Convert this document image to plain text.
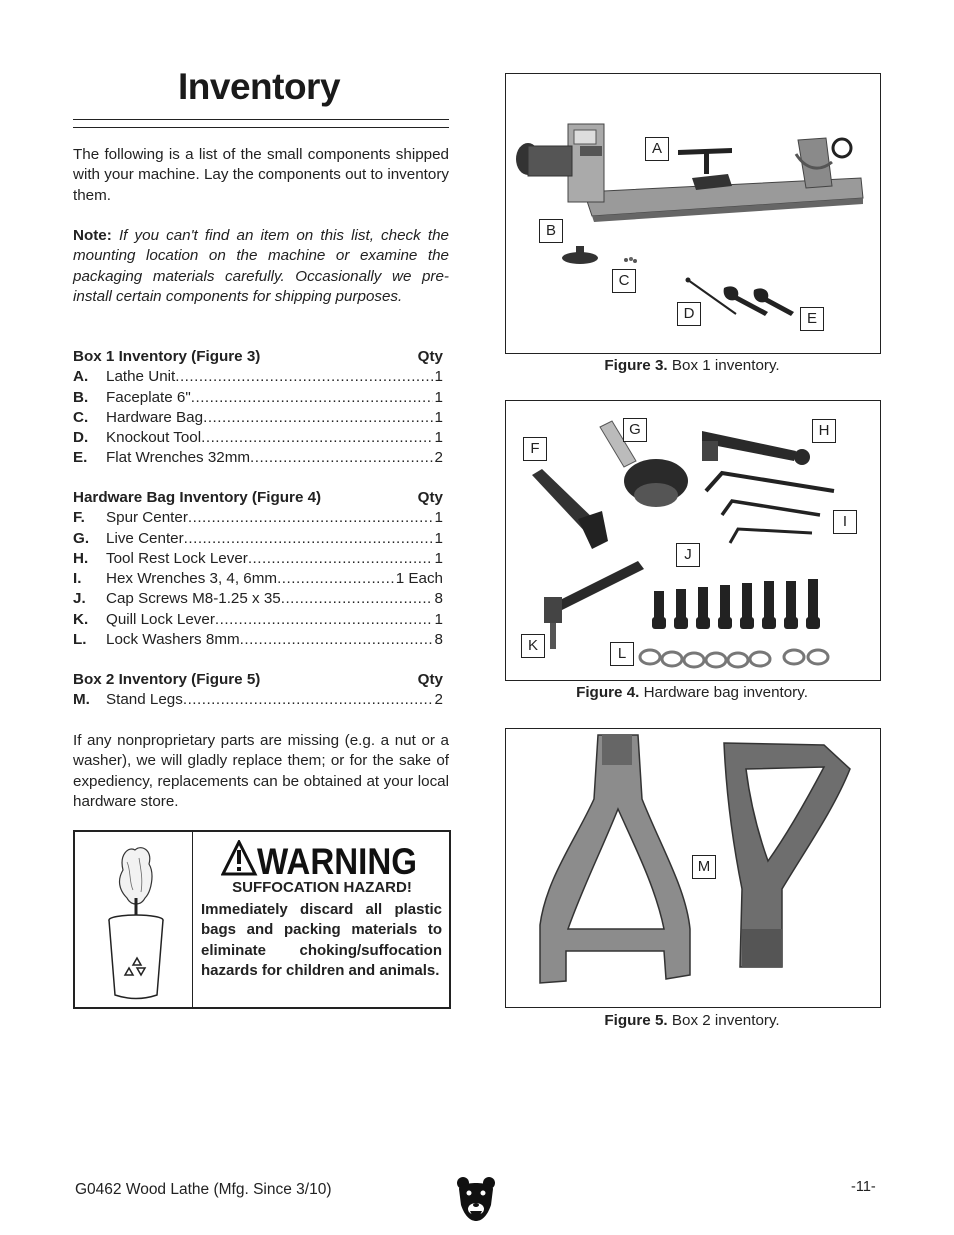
Inventory
The following is a list of the small components shipped with your machine. Lay the components out to inventory them.
Note: If you can't find an item on this list, check the mounting location on the machine or examine the packaging materials carefully. Occasionally we pre-install certain components for shipping purposes.
Box 1 Inventory (Figure 3)	Qty
A.	Lathe Unit .....	1
B.	Faceplate 6" .....	1
C.	Hardware Bag .....	1
D.	Knockout Tool .....	1
E.	Flat Wrenches 32mm .....	2
Hardware Bag Inventory (Figure 4)	Qty
F.	Spur Center .....	1
G.	Live Center .....	1
H.	Tool Rest Lock Lever .....	1
I.	Hex Wrenches 3, 4, 6mm .....	1 Each
J.	Cap Screws M8-1.25 x 35 .....	8
K.	Quill Lock Lever .....	1
L.	Lock Washers 8mm .....	8
Box 2 Inventory (Figure 5)	Qty
M.	Stand Legs .....	2
If any nonproprietary parts are missing (e.g. a nut or a washer), we will gladly replace them; or for the sake of expediency, replacements can be obtained at your local hardware store.
WARNING
SUFFOCATION HAZARD!
Immediately discard all plastic bags and packing materials to eliminate choking/suffocation hazards for children and animals.
A
B
C
D	E
Figure 3. Box 1 inventory.
F
G	H
I
J
K	L
Figure 4. Hardware bag inventory.
M
Figure 5. Box 2 inventory.
G0462 Wood Lathe (Mfg. Since 3/10)	-11-
